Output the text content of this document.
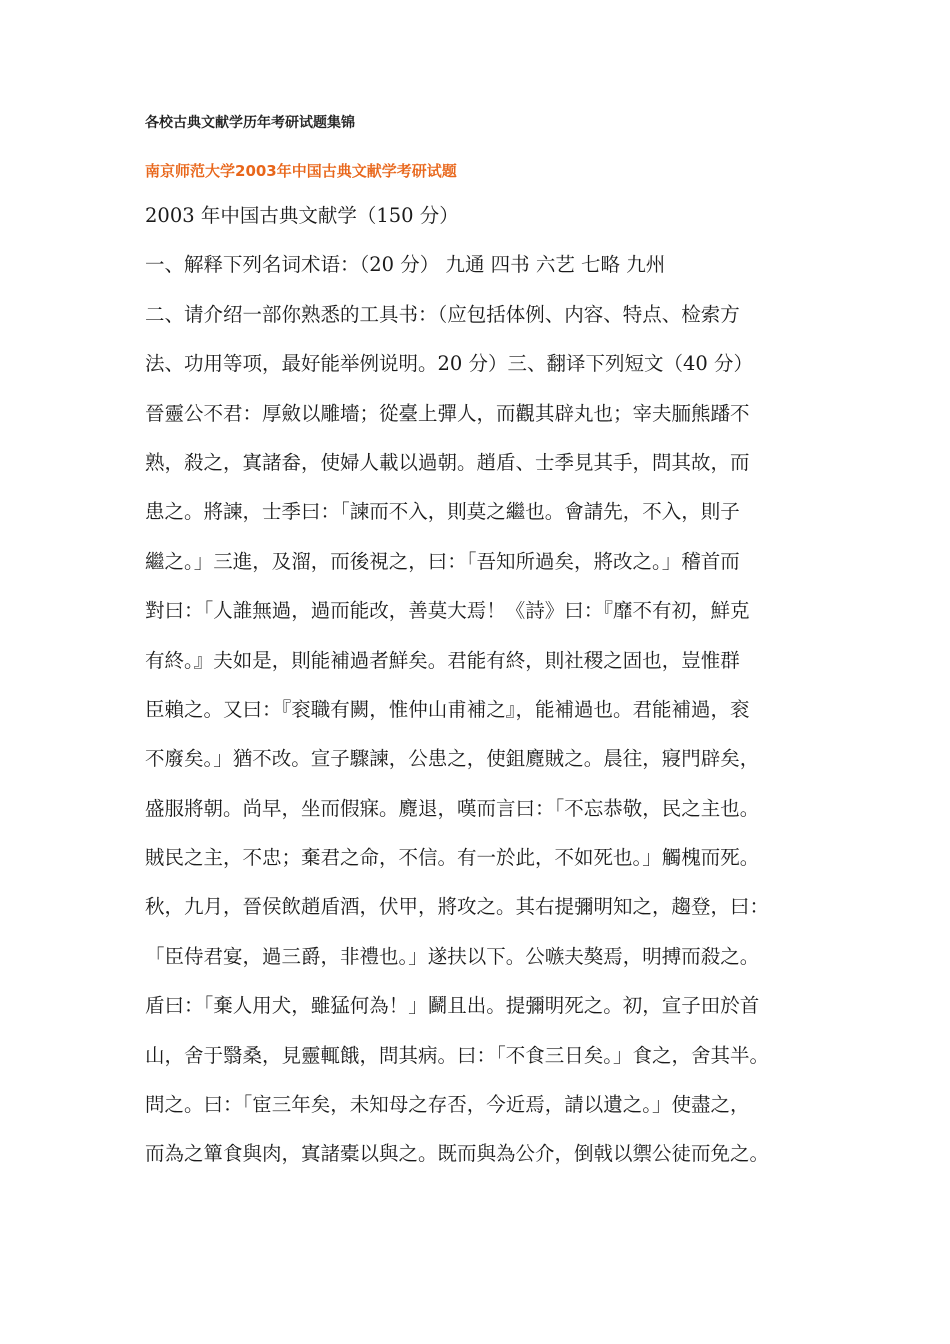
各校古典文献学历年考研试题集锦
南京师范大学2003年中国古典文献学考研试题
2003 年中国古典文献学（150 分）
一、解释下列名词术语：（20 分） 九通 四书 六艺 七略 九州
二、请介绍一部你熟悉的工具书：（应包括体例、内容、特点、检索方
法、功用等项，最好能举例说明。20 分）三、翻译下列短文（40 分）
晉靈公不君：厚斂以雕墻；從臺上彈人，而觀其辟丸也；宰夫胹熊蹯不
熟，殺之，寘諸畚，使婦人載以過朝。趙盾、士季見其手，問其故，而
患之。將諫，士季曰：「諫而不入，則莫之繼也。會請先，不入，則子
繼之。」三進，及溜，而後視之，曰：「吾知所過矣，將改之。」稽首而
對曰：「人誰無過，過而能改，善莫大焉！《詩》曰：『靡不有初，鮮克
有終。』夫如是，則能補過者鮮矣。君能有終，則社稷之固也，豈惟群
臣賴之。又曰：『衮職有闕，惟仲山甫補之』，能補過也。君能補過，衮
不廢矣。」猶不改。宣子驟諫，公患之，使鉏麑賊之。晨往，寢門辟矣，
盛服將朝。尚早，坐而假寐。麑退，嘆而言曰：「不忘恭敬，民之主也。
賊民之主，不忠；棄君之命，不信。有一於此，不如死也。」觸槐而死。
秋，九月，晉侯飲趙盾酒，伏甲，將攻之。其右提彌明知之，趨登，曰：
「臣侍君宴，過三爵，非禮也。」遂扶以下。公嗾夫獒焉，明搏而殺之。
盾曰：「棄人用犬，雖猛何為！」鬬且出。提彌明死之。初，宣子田於首
山，舍于翳桑，見靈輒餓，問其病。曰：「不食三日矣。」食之，舍其半。
問之。曰：「宦三年矣，未知母之存否，今近焉，請以遺之。」使盡之，
而為之簞食與肉，寘諸橐以與之。既而與為公介，倒戟以禦公徒而免之。
